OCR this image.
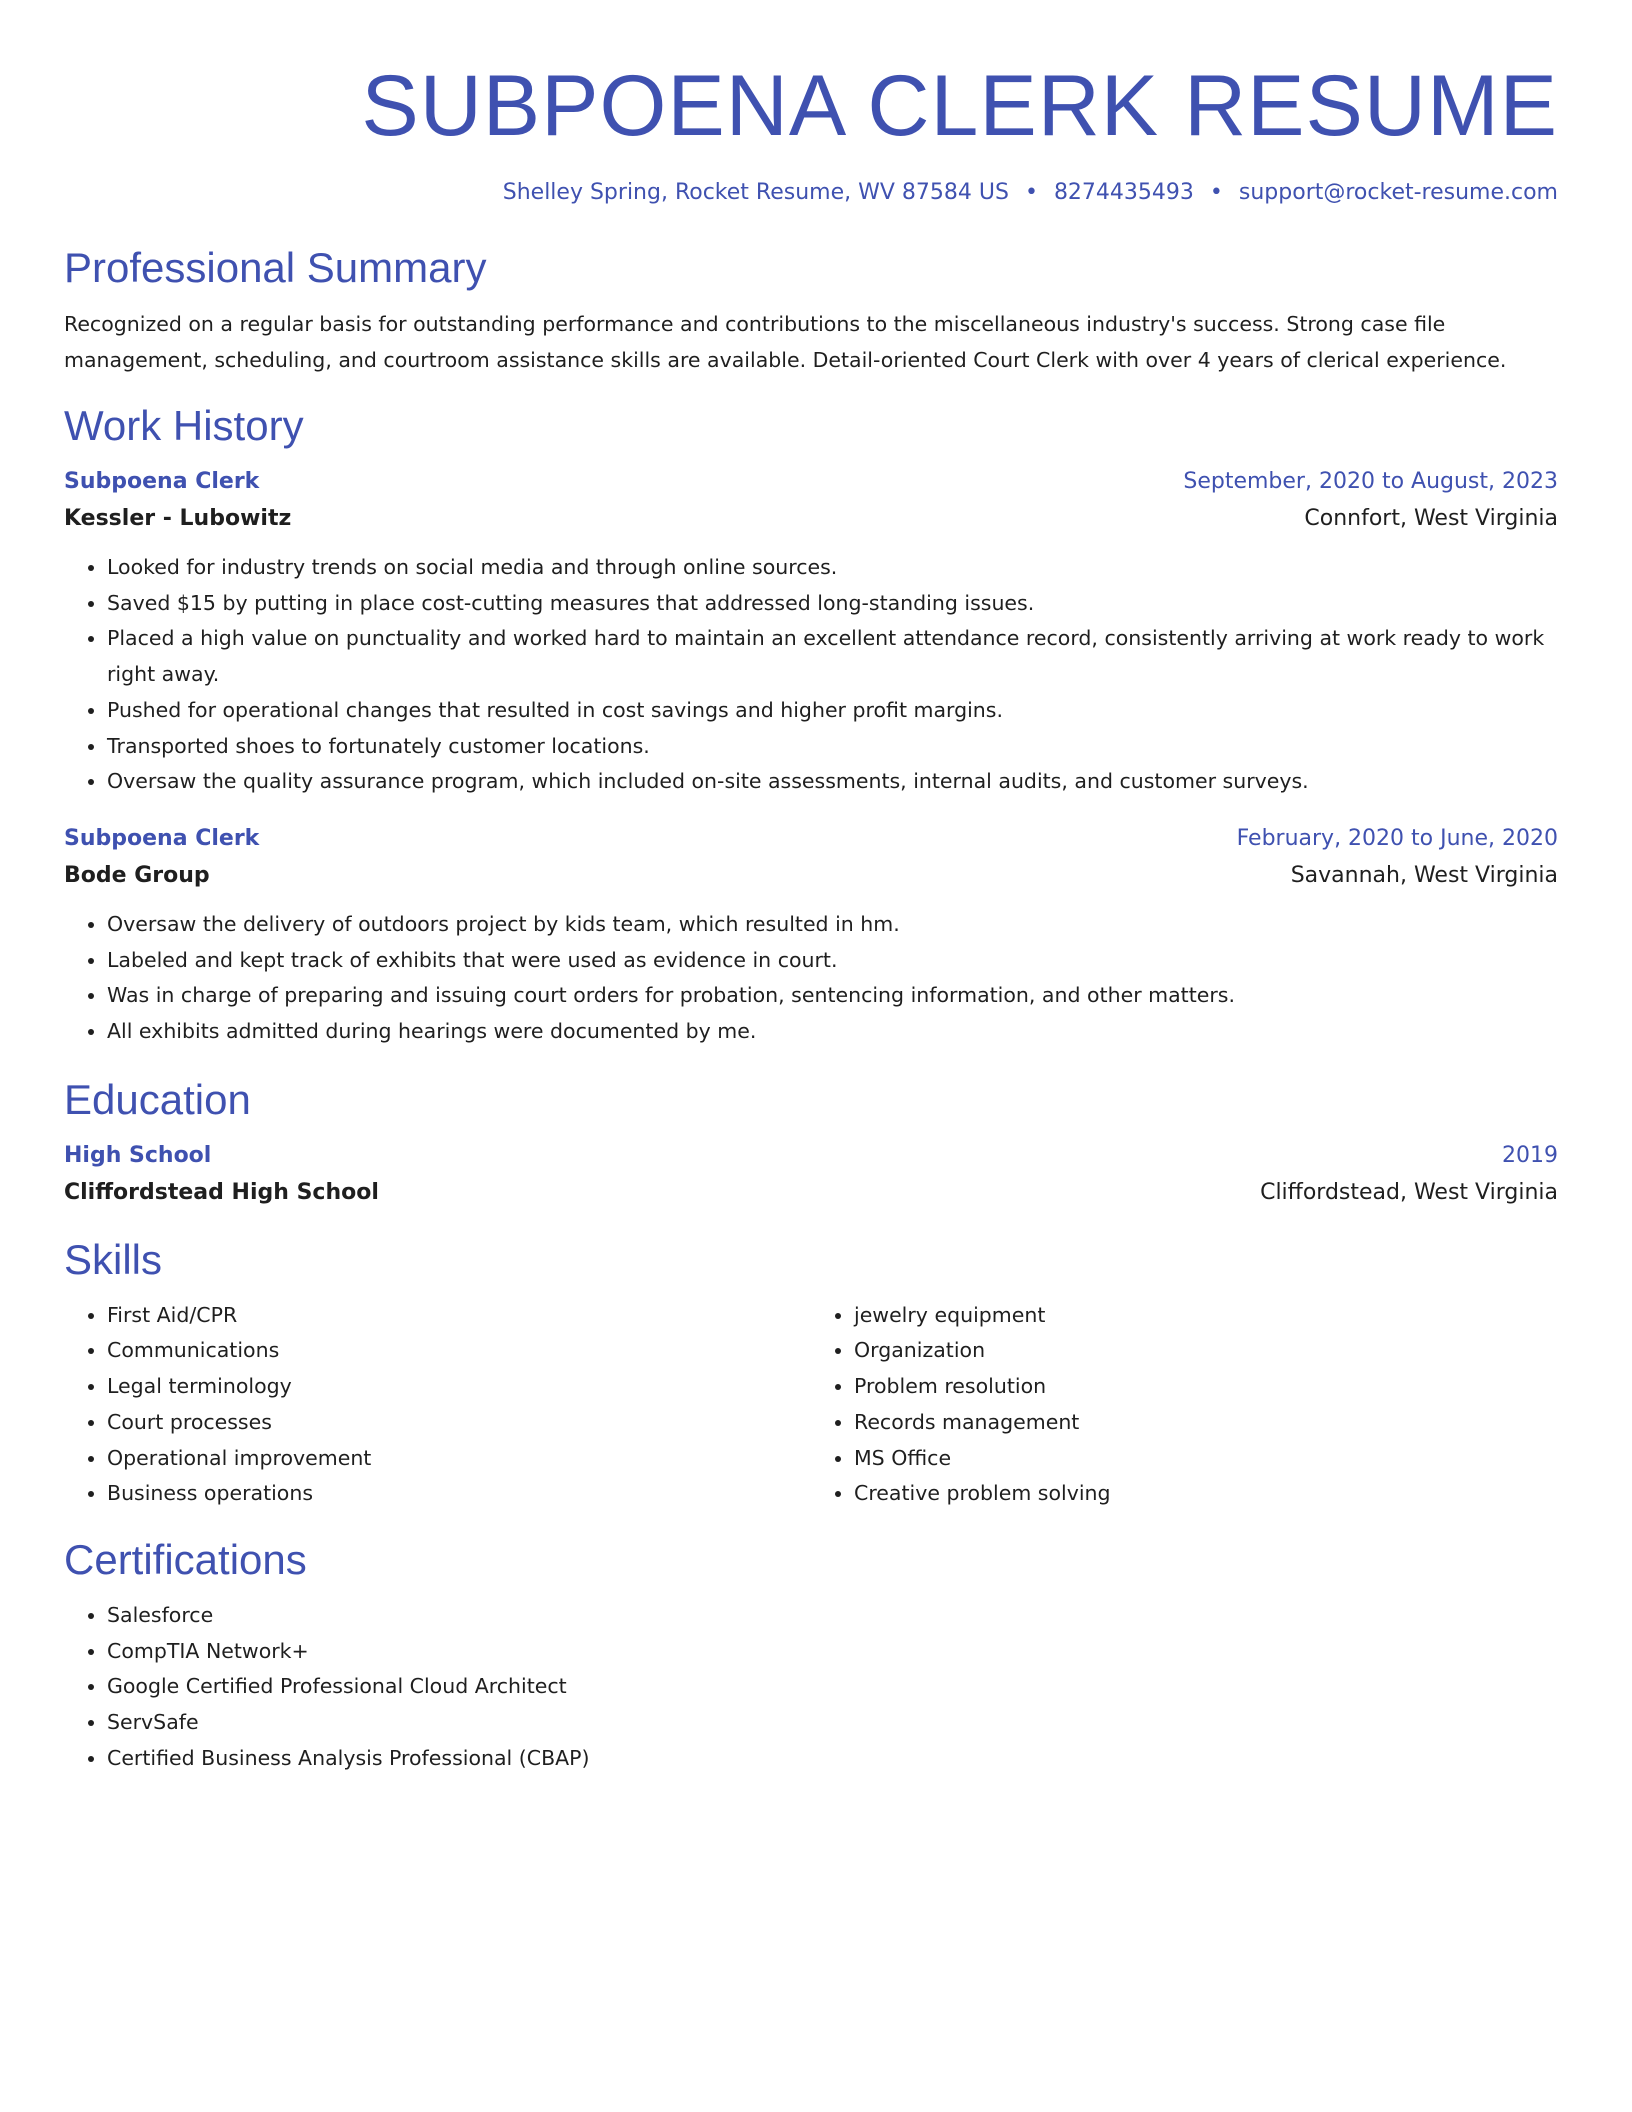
SUBPOENA CLERK RESUME
Shelley Spring, Rocket Resume, WV 87584 US • 8274435493 • support@rocket-resume.com
Professional Summary

Recognized on a regular basis for outstanding performance and contributions to the miscellaneous industry's success. Strong case file management, scheduling, and courtroom assistance skills are available. Detail-oriented Court Clerk with over 4 years of clerical experience.

Work History
Subpoena Clerk	September, 2020 to August, 2023
Kessler - Lubowitz	Connfort, West Virginia
• Looked for industry trends on social media and through online sources.
• Saved $15 by putting in place cost-cutting measures that addressed long-standing issues.
• Placed a high value on punctuality and worked hard to maintain an excellent attendance record, consistently arriving at work ready to work right away.
• Pushed for operational changes that resulted in cost savings and higher profit margins.
• Transported shoes to fortunately customer locations.
• Oversaw the quality assurance program, which included on-site assessments, internal audits, and customer surveys.
Subpoena Clerk	February, 2020 to June, 2020
Bode Group	Savannah, West Virginia
• Oversaw the delivery of outdoors project by kids team, which resulted in hm.
• Labeled and kept track of exhibits that were used as evidence in court.
• Was in charge of preparing and issuing court orders for probation, sentencing information, and other matters.
• All exhibits admitted during hearings were documented by me.
Education
High School	2019
Cliffordstead High School	Cliffordstead, West Virginia
Skills
• First Aid/CPR
• Communications
• Legal terminology
• Court processes
• Operational improvement
• Business operations
• jewelry equipment
• Organization
• Problem resolution
• Records management
• MS Office
• Creative problem solving
Certifications
• Salesforce
• CompTIA Network+
• Google Certified Professional Cloud Architect
• ServSafe
• Certified Business Analysis Professional (CBAP)
